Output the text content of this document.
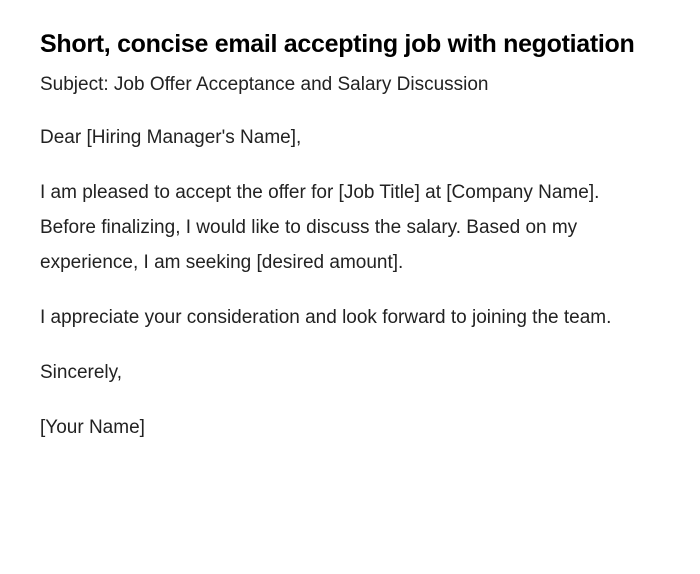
Short, concise email accepting job with negotiation

Subject: Job Offer Acceptance and Salary Discussion

Dear [Hiring Manager's Name],

I am pleased to accept the offer for [Job Title] at [Company Name]. Before finalizing, I would like to discuss the salary. Based on my experience, I am seeking [desired amount].

I appreciate your consideration and look forward to joining the team.

Sincerely,

[Your Name]
